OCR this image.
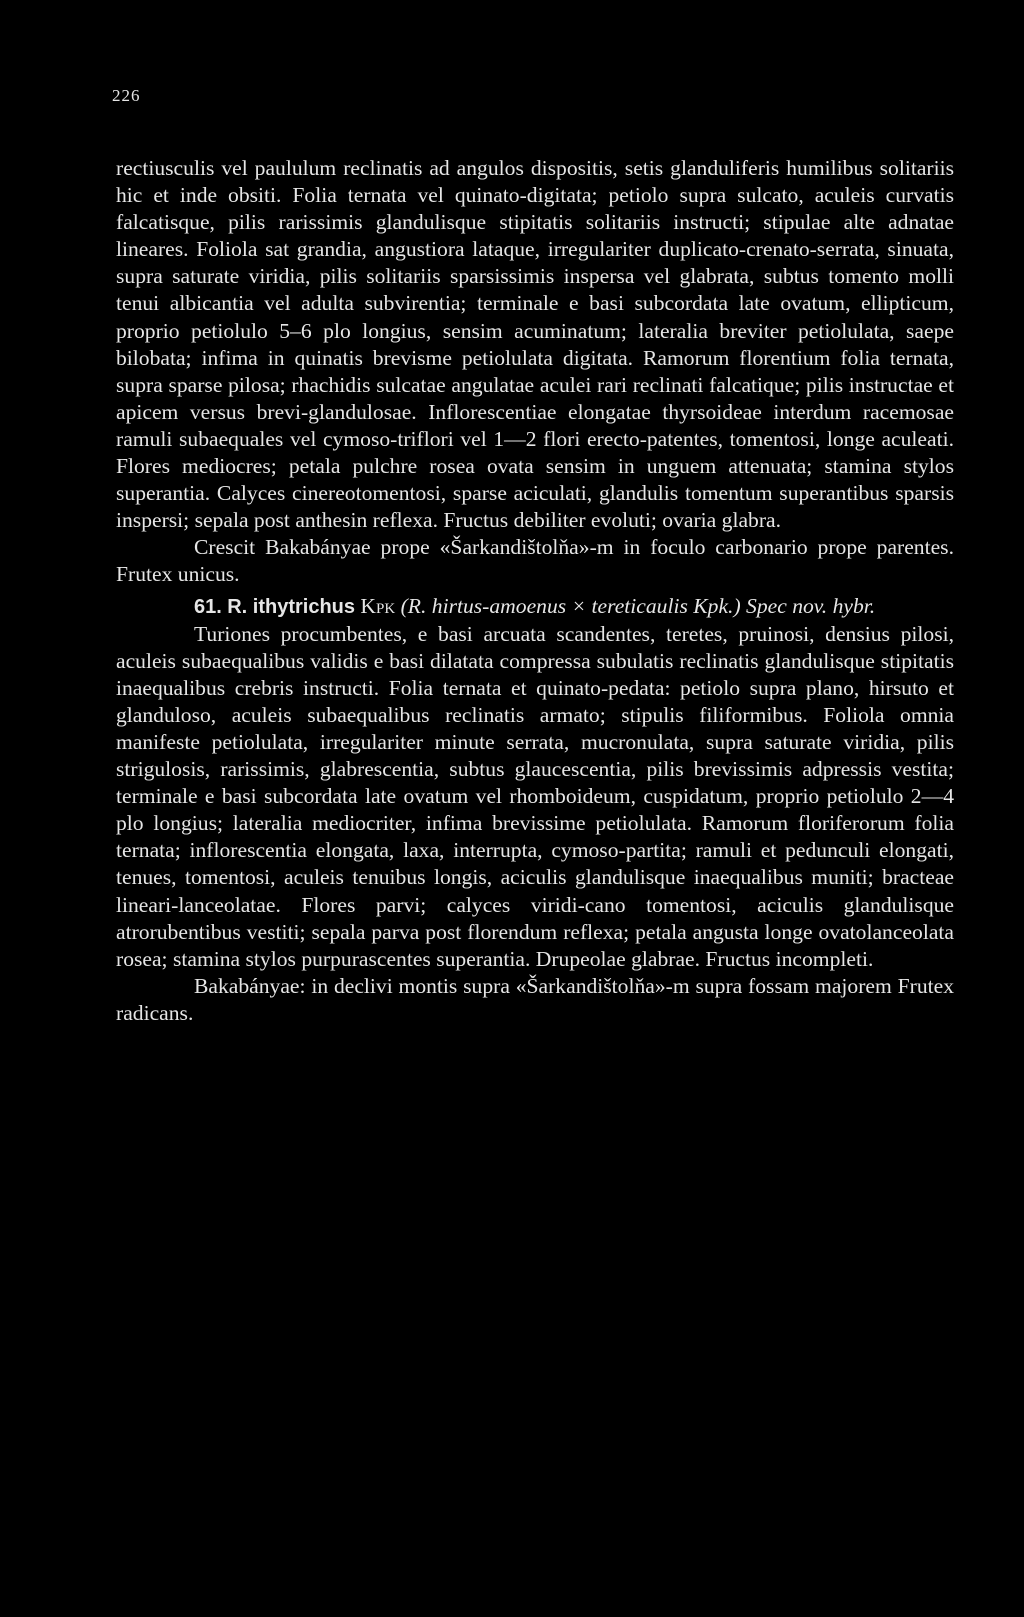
226

rectiusculis vel paululum reclinatis ad angulos dispositis, setis glanduliferis humilibus solitariis hic et inde obsiti. Folia ternata vel quinato-digitata; petiolo supra sulcato, aculeis curvatis falcatisque, pilis rarissimis glandulisque stipitatis solitariis instructi; stipulae alte adnatae lineares. Foliola sat grandia, angustiora lataque, irregulariter duplicato-crenato-serrata, sinuata, supra saturate viridia, pilis solitariis sparsissimis inspersa vel glabrata, subtus tomento molli tenui albicantia vel adulta subvirentia; terminale e basi subcordata late ovatum, ellipticum, proprio petiolulo 5–6 plo longius, sensim acuminatum; lateralia breviter petiolulata, saepe bilobata; infima in quinatis brevisme petiolulata digitata. Ramorum florentium folia ternata, supra sparse pilosa; rhachidis sulcatae angulatae aculei rari reclinati falcatique; pilis instructae et apicem versus brevi-glandulosae. Inflorescentiae elongatae thyrsoideae interdum racemosae ramuli subaequales vel cymoso-triflori vel 1—2 flori erecto-patentes, tomentosi, longe aculeati. Flores mediocres; petala pulchre rosea ovata sensim in unguem attenuata; stamina stylos superantia. Calyces cinereotomentosi, sparse aciculati, glandulis tomentum superantibus sparsis inspersi; sepala post anthesin reflexa. Fructus debiliter evoluti; ovaria glabra.

Crescit Bakabányae prope «Šarkandištolňa»-m in foculo carbonario prope parentes. Frutex unicus.

61. R. ithytrichus Kpk (R. hirtus-amoenus × tereticaulis Kpk.) Spec nov. hybr.

Turiones procumbentes, e basi arcuata scandentes, teretes, pruinosi, densius pilosi, aculeis subaequalibus validis e basi dilatata compressa subulatis reclinatis glandulisque stipitatis inaequalibus crebris instructi. Folia ternata et quinato-pedata: petiolo supra plano, hirsuto et glanduloso, aculeis subaequalibus reclinatis armato; stipulis filiformibus. Foliola omnia manifeste petiolulata, irregulariter minute serrata, mucronulata, supra saturate viridia, pilis strigulosis, rarissimis, glabrescentia, subtus glaucescentia, pilis brevissimis adpressis vestita; terminale e basi subcordata late ovatum vel rhomboideum, cuspidatum, proprio petiolulo 2—4 plo longius; lateralia mediocriter, infima brevissime petiolulata. Ramorum floriferorum folia ternata; inflorescentia elongata, laxa, interrupta, cymoso-partita; ramuli et pedunculi elongati, tenues, tomentosi, aculeis tenuibus longis, aciculis glandulisque inaequalibus muniti; bracteae lineari-lanceolatae. Flores parvi; calyces viridi-cano tomentosi, aciculis glandulisque atrorubentibus vestiti; sepala parva post florendum reflexa; petala angusta longe ovatolanceolata rosea; stamina stylos purpurascentes superantia. Drupeolae glabrae. Fructus incompleti.

Bakabányae: in declivi montis supra «Šarkandištolňa»-m supra fossam majorem Frutex radicans.
